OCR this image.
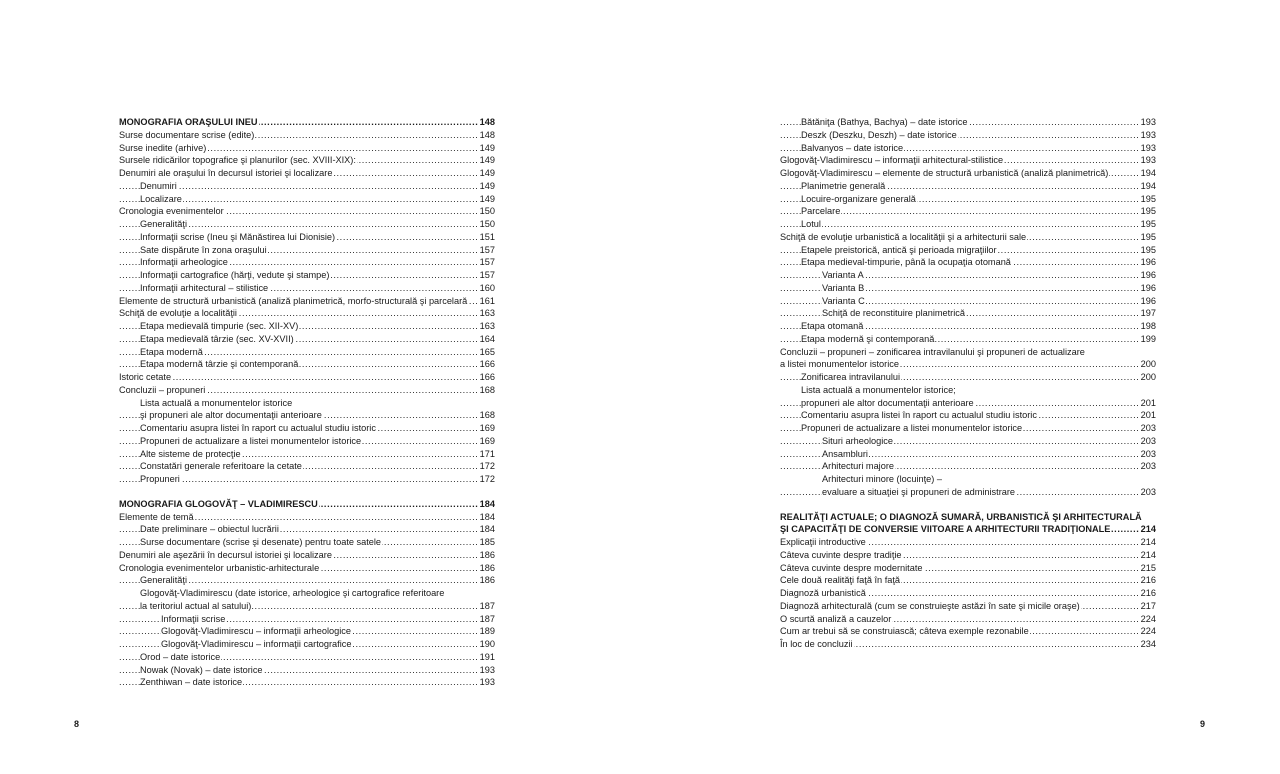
..... MONOGRAFIA ORAŞULUI INEU	148
..... Surse documentare scrise (edite)	148
..... Surse inedite (arhive)	149
..... Sursele ridicărilor topografice şi planurilor (sec. XVIII-XIX):	149
..... Denumiri ale oraşului în decursul istoriei şi localizare	149
..... Denumiri	149
..... Localizare	149
..... Cronologia evenimentelor	150
..... Generalităţi	150
..... Informaţii scrise (Ineu şi Mănăstirea lui Dionisie)	151
..... Sate dispărute în zona oraşului	157
..... Informaţii arheologice	157
..... Informaţii cartografice (hărţi, vedute şi stampe)	157
..... Informaţii arhitectural – stilistice	160
..... Elemente de structură urbanistică (analiză planimetrică, morfo-structurală şi parcelară 161
..... Schiţă de evoluţie a localităţii	163
..... Etapa medievală timpurie (sec. XII-XV)	163
..... Etapa medievală târzie (sec. XV-XVII)	164
..... Etapa modernă	165
..... Etapa modernă târzie şi contemporană	166
..... Istoric cetate	166
..... Concluzii – propuneri	168
Lista actuală a monumentelor istorice
..... şi propuneri ale altor documentaţii anterioare	168
..... Comentariu asupra listei în raport cu actualul studiu istoric	169
..... Propuneri de actualizare a listei monumentelor istorice	169
..... Alte sisteme de protecţie	171
..... Constatări generale referitoare la cetate	172
..... Propuneri	172
..... MONOGRAFIA GLOGOVĂŢ – VLADIMIRESCU	184
..... Elemente de temă	184
..... Date preliminare – obiectul lucrării	184
..... Surse documentare (scrise şi desenate) pentru toate satele	185
..... Denumiri ale aşezării în decursul istoriei şi localizare	186
..... Cronologia evenimentelor urbanistic-arhitecturale	186
..... Generalităţi	186
Glogovăţ-Vladimirescu (date istorice, arheologice şi cartografice referitoare
..... la teritoriul actual al satului)	187
..... Informaţii scrise	187
..... Glogovăţ-Vladimirescu – informaţii arheologice	189
..... Glogovăţ-Vladimirescu – informaţii cartografice	190
..... Orod – date istorice	191
..... Nowak (Novak) – date istorice	193
..... Zenthiwan – date istorice	193
..... Bătăniţa (Bathya, Bachya) – date istorice	193
..... Deszk (Deszku, Deszh) – date istorice	193
..... Balvanyos – date istorice	193
..... Glogovăţ-Vladimirescu – informaţii arhitectural-stilistice	193
..... Glogovăţ-Vladimirescu – elemente de structură urbanistică (analiză planimetrică)	194
..... Planimetrie generală	194
..... Locuire-organizare generală	195
..... Parcelare	195
..... Lotul	195
..... Schiţă de evoluţie urbanistică a localităţii şi a arhitecturii sale	195
..... Etapele preistorică, antică şi perioada migraţiilor	195
..... Etapa medieval-timpurie, până la ocupaţia otomană	196
..... Varianta A	196
..... Varianta B	196
..... Varianta C	196
..... Schiţă de reconstituire planimetrică	197
..... Etapa otomană	198
..... Etapa modernă şi contemporană	199
Concluzii – propuneri – zonificarea intravilanului şi propuneri de actualizare
..... a listei monumentelor istorice	200
..... Zonificarea intravilanului	200
Lista actuală a monumentelor istorice;
..... propuneri ale altor documentaţii anterioare	201
..... Comentariu asupra listei în raport cu actualul studiu istoric	201
..... Propuneri de actualizare a listei monumentelor istorice	203
..... Situri arheologice	203
..... Ansambluri	203
..... Arhitecturi majore	203
Arhitecturi minore (locuinţe) –
..... evaluare a situaţiei şi propuneri de administrare	203
REALITĂŢI ACTUALE; O DIAGNOZĂ SUMARĂ, URBANISTICĂ ŞI ARHITECTURALĂ
..... ŞI CAPACITĂŢI DE CONVERSIE VIITOARE A ARHITECTURII TRADIŢIONALE	214
..... Explicaţii introductive	214
..... Câteva cuvinte despre tradiţie	214
..... Câteva cuvinte despre modernitate	215
..... Cele două realităţi faţă în faţă	216
..... Diagnoză urbanistică	216
..... Diagnoză arhitecturală (cum se construieşte astăzi în sate şi micile oraşe)	217
..... O scurtă analiză a cauzelor	224
..... Cum ar trebui să se construiască; câteva exemple rezonabile	224
..... În loc de concluzii	234
8	9
